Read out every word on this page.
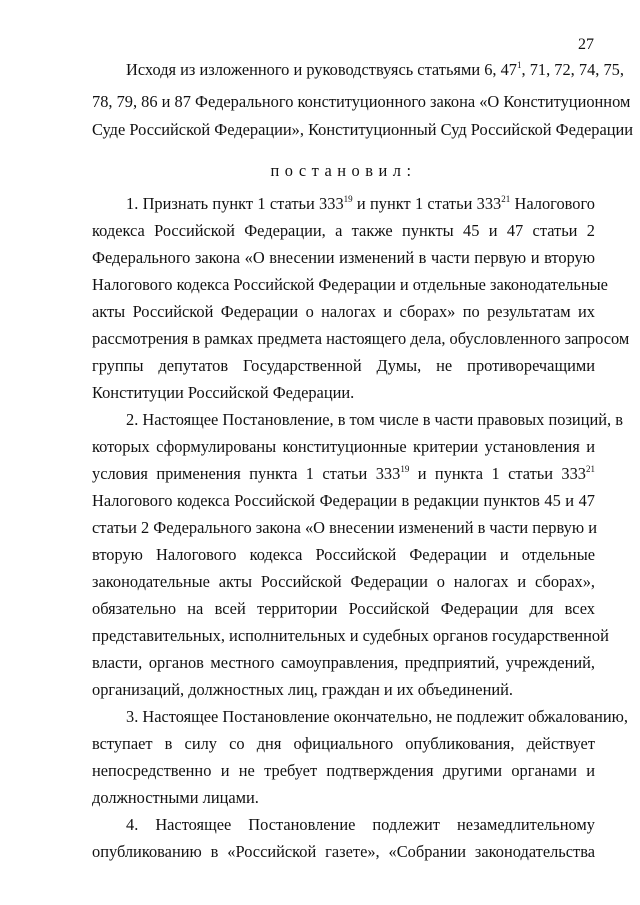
27
Исходя из изложенного и руководствуясь статьями 6, $47^1$, 71, 72, 74, 75,
78, 79, 86 и 87 Федерального конституционного закона «О Конституционном
Суде Российской Федерации», Конституционный Суд Российской Федерации
постановил:
1. Признать пункт 1 статьи $333^{19}$ и пункт 1 статьи $333^{21}$ Налогового
кодекса Российской Федерации, а также пункты 45 и 47 статьи 2
Федерального закона «О внесении изменений в части первую и вторую
Налогового кодекса Российской Федерации и отдельные законодательные
акты Российской Федерации о налогах и сборах» по результатам их
рассмотрения в рамках предмета настоящего дела, обусловленного запросом
группы депутатов Государственной Думы, не противоречащими
Конституции Российской Федерации.
2. Настоящее Постановление, в том числе в части правовых позиций, в
которых сформулированы конституционные критерии установления и
условия применения пункта 1 статьи $333^{19}$ и пункта 1 статьи $333^{21}$
Налогового кодекса Российской Федерации в редакции пунктов 45 и 47
статьи 2 Федерального закона «О внесении изменений в части первую и
вторую Налогового кодекса Российской Федерации и отдельные
законодательные акты Российской Федерации о налогах и сборах»,
обязательно на всей территории Российской Федерации для всех
представительных, исполнительных и судебных органов государственной
власти, органов местного самоуправления, предприятий, учреждений,
организаций, должностных лиц, граждан и их объединений.
3. Настоящее Постановление окончательно, не подлежит обжалованию,
вступает в силу со дня официального опубликования, действует
непосредственно и не требует подтверждения другими органами и
должностными лицами.
4. Настоящее Постановление подлежит незамедлительному
опубликованию в «Российской газете», «Собрании законодательства
